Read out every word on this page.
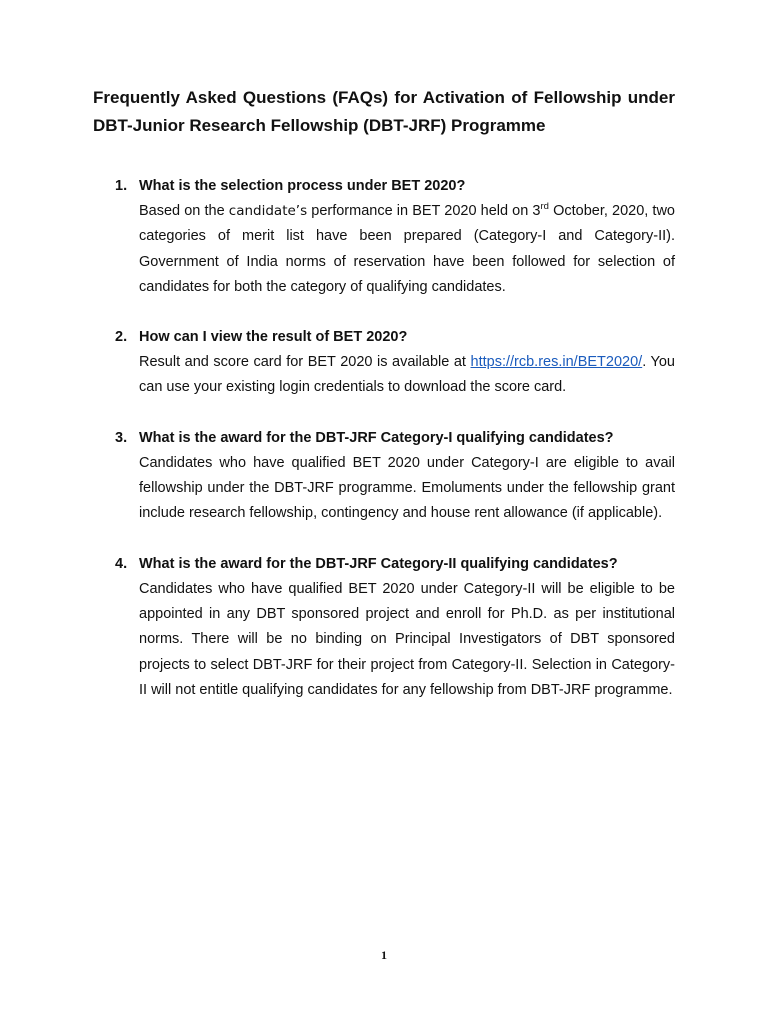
Frequently Asked Questions (FAQs) for Activation of Fellowship under DBT-Junior Research Fellowship (DBT-JRF) Programme
1. What is the selection process under BET 2020?

Based on the candidate’s performance in BET 2020 held on 3rd October, 2020, two categories of merit list have been prepared (Category-I and Category-II). Government of India norms of reservation have been followed for selection of candidates for both the category of qualifying candidates.

2. How can I view the result of BET 2020?

Result and score card for BET 2020 is available at https://rcb.res.in/BET2020/. You can use your existing login credentials to download the score card.

3. What is the award for the DBT-JRF Category-I qualifying candidates?

Candidates who have qualified BET 2020 under Category-I are eligible to avail fellowship under the DBT-JRF programme. Emoluments under the fellowship grant include research fellowship, contingency and house rent allowance (if applicable).

4. What is the award for the DBT-JRF Category-II qualifying candidates?

Candidates who have qualified BET 2020 under Category-II will be eligible to be appointed in any DBT sponsored project and enroll for Ph.D. as per institutional norms. There will be no binding on Principal Investigators of DBT sponsored projects to select DBT-JRF for their project from Category-II. Selection in Category-II will not entitle qualifying candidates for any fellowship from DBT-JRF programme.

1
